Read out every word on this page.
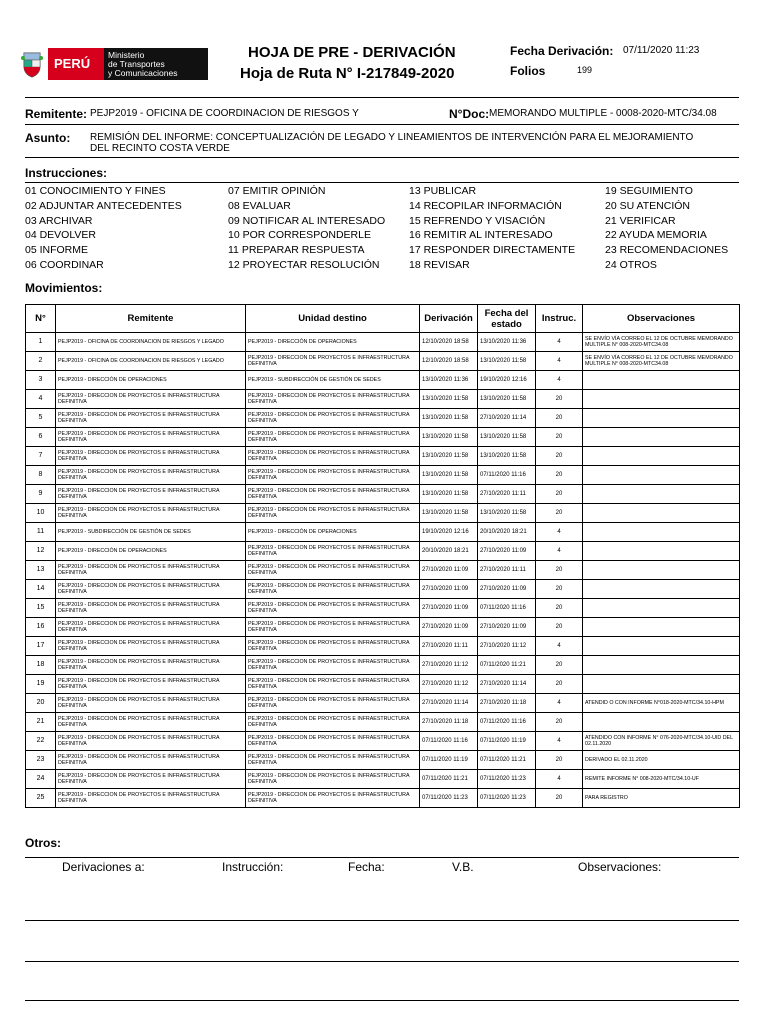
PERÚ
Ministerio
de Transportes
y Comunicaciones
HOJA DE PRE - DERIVACIÓN
Hoja de Ruta N° I-217849-2020
Fecha Derivación: 07/11/2020 11:23
Folios	199
Remitente: PEJP2019 - OFICINA DE COORDINACION DE RIESGOS Y	N°Doc: MEMORANDO MULTIPLE - 0008-2020-MTC/34.08
Asunto: REMISIÓN DEL INFORME: CONCEPTUALIZACIÓN DE LEGADO Y LINEAMIENTOS DE INTERVENCIÓN PARA EL MEJORAMIENTO
DEL RECINTO COSTA VERDE
Instrucciones:
01 CONOCIMIENTO Y FINES
02 ADJUNTAR ANTECEDENTES
03 ARCHIVAR
04 DEVOLVER
05 INFORME
06 COORDINAR
07 EMITIR OPINIÓN
08 EVALUAR
09 NOTIFICAR AL INTERESADO
10 POR CORRESPONDERLE
11 PREPARAR RESPUESTA
12 PROYECTAR RESOLUCIÓN
13 PUBLICAR
14 RECOPILAR INFORMACIÓN
15 REFRENDO Y VISACIÓN
16 REMITIR AL INTERESADO
17 RESPONDER DIRECTAMENTE
18 REVISAR
19 SEGUIMIENTO
20 SU ATENCIÓN
21 VERIFICAR
22 AYUDA MEMORIA
23 RECOMENDACIONES
24 OTROS
Movimientos:
N°	Remitente	Unidad destino	Derivación	Fecha del estado	Instruc.	Observaciones
1	PEJP2019 - OFICINA DE COORDINACION DE RIESGOS Y LEGADO	PEJP2019 - DIRECCIÓN DE OPERACIONES	12/10/2020 18:58	13/10/2020 11:36	4	SE ENVÍO VÍA CORREO EL 12 DE OCTUBRE MEMORANDO MULTIPLE N° 008-2020-MTC34.08
2	PEJP2019 - OFICINA DE COORDINACION DE RIESGOS Y LEGADO	PEJP2019 - DIRECCION DE PROYECTOS E INFRAESTRUCTURA DEFINITIVA	12/10/2020 18:58	13/10/2020 11:58	4	SE ENVÍO VÍA CORREO EL 12 DE OCTUBRE MEMORANDO MULTIPLE N° 008-2020-MTC34.08
3	PEJP2019 - DIRECCIÓN DE OPERACIONES	PEJP2019 - SUBDIRECCIÓN DE GESTIÓN DE SEDES	13/10/2020 11:36	19/10/2020 12:16	4	
4	PEJP2019 - DIRECCION DE PROYECTOS E INFRAESTRUCTURA DEFINITIVA	PEJP2019 - DIRECCION DE PROYECTOS E INFRAESTRUCTURA DEFINITIVA	13/10/2020 11:58	13/10/2020 11:58	20	
5	PEJP2019 - DIRECCION DE PROYECTOS E INFRAESTRUCTURA DEFINITIVA	PEJP2019 - DIRECCION DE PROYECTOS E INFRAESTRUCTURA DEFINITIVA	13/10/2020 11:58	27/10/2020 11:14	20	
6	PEJP2019 - DIRECCION DE PROYECTOS E INFRAESTRUCTURA DEFINITIVA	PEJP2019 - DIRECCION DE PROYECTOS E INFRAESTRUCTURA DEFINITIVA	13/10/2020 11:58	13/10/2020 11:58	20	
7	PEJP2019 - DIRECCION DE PROYECTOS E INFRAESTRUCTURA DEFINITIVA	PEJP2019 - DIRECCION DE PROYECTOS E INFRAESTRUCTURA DEFINITIVA	13/10/2020 11:58	13/10/2020 11:58	20	
8	PEJP2019 - DIRECCION DE PROYECTOS E INFRAESTRUCTURA DEFINITIVA	PEJP2019 - DIRECCION DE PROYECTOS E INFRAESTRUCTURA DEFINITIVA	13/10/2020 11:58	07/11/2020 11:16	20	
9	PEJP2019 - DIRECCION DE PROYECTOS E INFRAESTRUCTURA DEFINITIVA	PEJP2019 - DIRECCION DE PROYECTOS E INFRAESTRUCTURA DEFINITIVA	13/10/2020 11:58	27/10/2020 11:11	20	
10	PEJP2019 - DIRECCION DE PROYECTOS E INFRAESTRUCTURA DEFINITIVA	PEJP2019 - DIRECCION DE PROYECTOS E INFRAESTRUCTURA DEFINITIVA	13/10/2020 11:58	13/10/2020 11:58	20	
11	PEJP2019 - SUBDIRECCIÓN DE GESTIÓN DE SEDES	PEJP2019 - DIRECCIÓN DE OPERACIONES	19/10/2020 12:16	20/10/2020 18:21	4	
12	PEJP2019 - DIRECCIÓN DE OPERACIONES	PEJP2019 - DIRECCION DE PROYECTOS E INFRAESTRUCTURA DEFINITIVA	20/10/2020 18:21	27/10/2020 11:09	4	
13	PEJP2019 - DIRECCION DE PROYECTOS E INFRAESTRUCTURA DEFINITIVA	PEJP2019 - DIRECCION DE PROYECTOS E INFRAESTRUCTURA DEFINITIVA	27/10/2020 11:09	27/10/2020 11:11	20	
14	PEJP2019 - DIRECCION DE PROYECTOS E INFRAESTRUCTURA DEFINITIVA	PEJP2019 - DIRECCION DE PROYECTOS E INFRAESTRUCTURA DEFINITIVA	27/10/2020 11:09	27/10/2020 11:09	20	
15	PEJP2019 - DIRECCION DE PROYECTOS E INFRAESTRUCTURA DEFINITIVA	PEJP2019 - DIRECCION DE PROYECTOS E INFRAESTRUCTURA DEFINITIVA	27/10/2020 11:09	07/11/2020 11:16	20	
16	PEJP2019 - DIRECCION DE PROYECTOS E INFRAESTRUCTURA DEFINITIVA	PEJP2019 - DIRECCION DE PROYECTOS E INFRAESTRUCTURA DEFINITIVA	27/10/2020 11:09	27/10/2020 11:09	20	
17	PEJP2019 - DIRECCION DE PROYECTOS E INFRAESTRUCTURA DEFINITIVA	PEJP2019 - DIRECCION DE PROYECTOS E INFRAESTRUCTURA DEFINITIVA	27/10/2020 11:11	27/10/2020 11:12	4	
18	PEJP2019 - DIRECCION DE PROYECTOS E INFRAESTRUCTURA DEFINITIVA	PEJP2019 - DIRECCION DE PROYECTOS E INFRAESTRUCTURA DEFINITIVA	27/10/2020 11:12	07/11/2020 11:21	20	
19	PEJP2019 - DIRECCION DE PROYECTOS E INFRAESTRUCTURA DEFINITIVA	PEJP2019 - DIRECCION DE PROYECTOS E INFRAESTRUCTURA DEFINITIVA	27/10/2020 11:12	27/10/2020 11:14	20	
20	PEJP2019 - DIRECCION DE PROYECTOS E INFRAESTRUCTURA DEFINITIVA	PEJP2019 - DIRECCION DE PROYECTOS E INFRAESTRUCTURA DEFINITIVA	27/10/2020 11:14	27/10/2020 11:18	4	ATENDID O CON INFORME N°018-2020-MTC/34.10-HPM
21	PEJP2019 - DIRECCION DE PROYECTOS E INFRAESTRUCTURA DEFINITIVA	PEJP2019 - DIRECCION DE PROYECTOS E INFRAESTRUCTURA DEFINITIVA	27/10/2020 11:18	07/11/2020 11:16	20	
22	PEJP2019 - DIRECCION DE PROYECTOS E INFRAESTRUCTURA DEFINITIVA	PEJP2019 - DIRECCION DE PROYECTOS E INFRAESTRUCTURA DEFINITIVA	07/11/2020 11:16	07/11/2020 11:19	4	ATENDIDO CON INFORME N° 076-2020-MTC/34.10-UID DEL 02.11.2020
23	PEJP2019 - DIRECCION DE PROYECTOS E INFRAESTRUCTURA DEFINITIVA	PEJP2019 - DIRECCION DE PROYECTOS E INFRAESTRUCTURA DEFINITIVA	07/11/2020 11:19	07/11/2020 11:21	20	DERIVADO EL 02.11.2020
24	PEJP2019 - DIRECCION DE PROYECTOS E INFRAESTRUCTURA DEFINITIVA	PEJP2019 - DIRECCION DE PROYECTOS E INFRAESTRUCTURA DEFINITIVA	07/11/2020 11:21	07/11/2020 11:23	4	REMITE INFORME N° 008-2020-MTC/34.10-UF
25	PEJP2019 - DIRECCION DE PROYECTOS E INFRAESTRUCTURA DEFINITIVA	PEJP2019 - DIRECCION DE PROYECTOS E INFRAESTRUCTURA DEFINITIVA	07/11/2020 11:23	07/11/2020 11:23	20	PARA REGISTRO
Otros:
Derivaciones a:	Instrucción:	Fecha:	V.B.	Observaciones:
